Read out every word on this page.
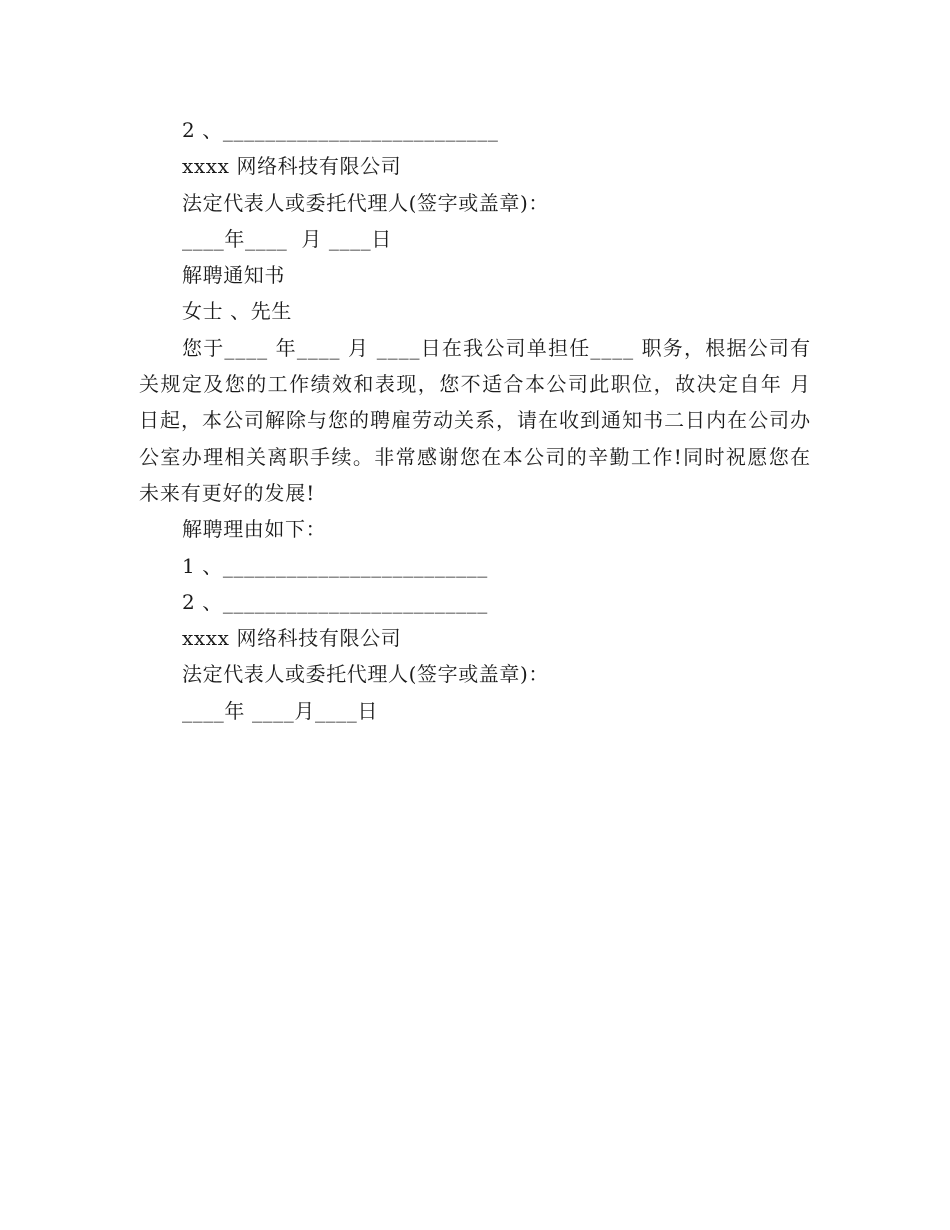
2 、__________________________
xxxx 网络科技有限公司
法定代表人或委托代理人(签字或盖章)：
____年____  月 ____日
解聘通知书
女士 、先生

您于____ 年____ 月 ____日在我公司单担任____ 职务，根据公司有关规定及您的工作绩效和表现，您不适合本公司此职位，故决定自年 月 日起，本公司解除与您的聘雇劳动关系，请在收到通知书二日内在公司办公室办理相关离职手续。非常感谢您在本公司的辛勤工作!同时祝愿您在未来有更好的发展!

解聘理由如下：
1 、_________________________
2 、_________________________
xxxx 网络科技有限公司
法定代表人或委托代理人(签字或盖章)：
____年 ____月____日
